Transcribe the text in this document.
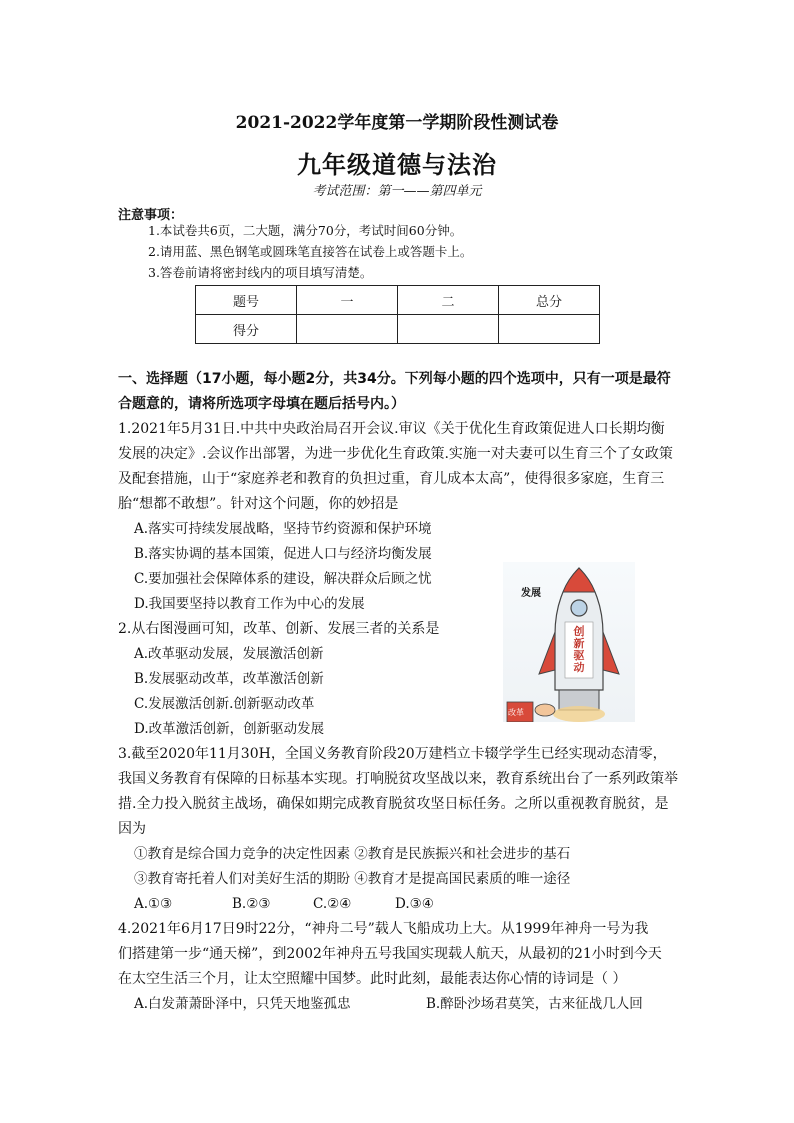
2021-2022学年度第一学期阶段性测试卷
九年级道德与法治
考试范围：第一——第四单元
注意事项：
1.本试卷共6页，二大题，满分70分，考试时间60分钟。
2.请用蓝、黑色钢笔或圆珠笔直接答在试卷上或答题卡上。
3.答卷前请将密封线内的项目填写清楚。
题号	一	二	总分
得分			
一、选择题（17小题，每小题2分，共34分。下列每小题的四个选项中，只有一项是最符
合题意的，请将所选项字母填在题后括号内。）
1.2021年5月31日.中共中央政治局召开会议.审议《关于优化生育政策促进人口长期均衡
发展的决定》.会议作出部署，为进一步优化生育政策.实施一对夫妻可以生育三个了女政策
及配套措施，山于“家庭养老和教育的负担过重，育儿成本太高”，使得很多家庭，生育三
胎“想都不敢想”。针对这个问题，你的妙招是
A.落实可持续发展战略，坚持节约资源和保护环境
B.落实协调的基本国策，促进人口与经济均衡发展
C.要加强社会保障体系的建设，解决群众后顾之忧
D.我国要坚持以教育工作为中心的发展
2.从右图漫画可知，改革、创新、发展三者的关系是
A.改革驱动发展，发展激活创新
B.发展驱动改革，改革激活创新
C.发展激活创新.创新驱动改革
D.改革激活创新，创新驱动发展
发展
创新驱动
改革
3.截至2020年11月30H，全国义务教育阶段20万建档立卡辍学学生已经实现动态清零，
我国义务教育有保障的日标基本实现。打响脱贫攻坚战以来，教育系统出台了一系列政策举
措.全力投入脱贫主战场，确保如期完成教育脱贫攻坚日标任务。之所以重视教育脱贫，是
因为
①教育是综合国力竞争的决定性因素 ②教育是民族振兴和社会进步的基石
③教育寄托着人们对美好生活的期盼 ④教育才是提高国民素质的唯一途径
A.①③	B.②③	C.②④	D.③④
4.2021年6月17日9时22分，“神舟二号”载人飞船成功上大。从1999年神舟一号为我
们搭建第一步“通天梯”，到2002年神舟五号我国实现载人航天，从最初的21小时到今天
在太空生活三个月，让太空照耀中国梦。此时此刻，最能表达你心情的诗词是（ ）
A.白发萧萧卧泽中，只凭天地鉴孤忠	B.醉卧沙场君莫笑，古来征战几人回
